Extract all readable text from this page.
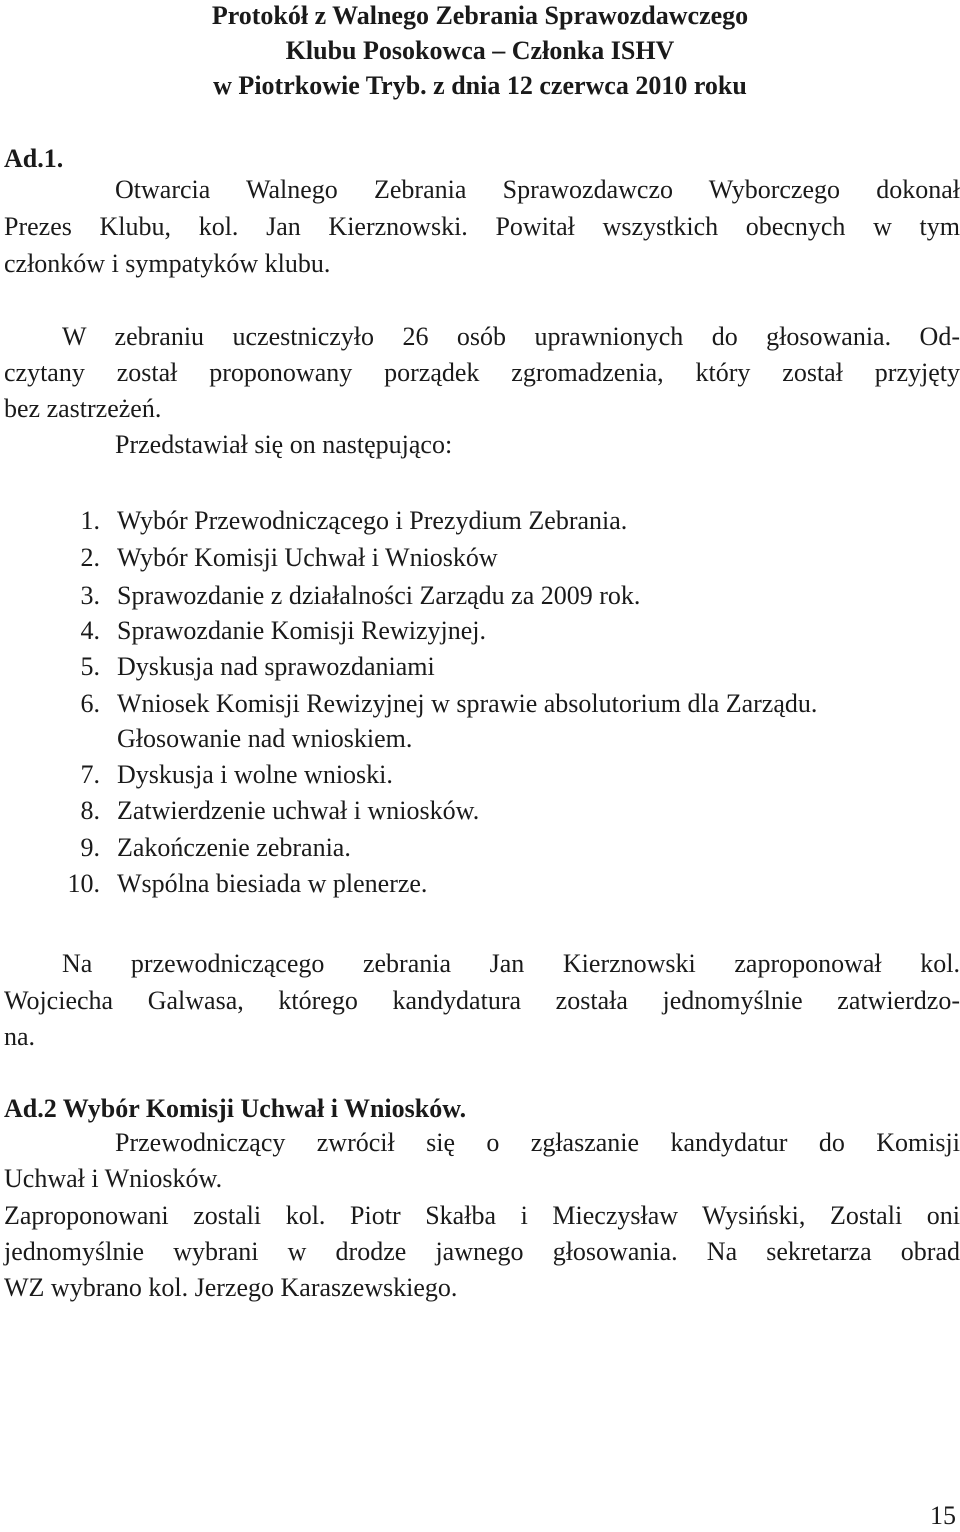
Protokół z Walnego Zebrania Sprawozdawczego
Klubu Posokowca – Członka ISHV
w Piotrkowie Tryb. z dnia 12 czerwca 2010 roku
Ad.1.
Otwarcia Walnego Zebrania Sprawozdawczo Wyborczego dokonał
Prezes Klubu, kol. Jan Kierznowski. Powitał wszystkich obecnych w tym
członków i sympatyków klubu.
W zebraniu uczestniczyło 26 osób uprawnionych do głosowania. Od-
czytany został proponowany porządek zgromadzenia, który został przyjęty
bez zastrzeżeń.
Przedstawiał się on następująco:
1. Wybór Przewodniczącego i Prezydium Zebrania.
2. Wybór Komisji Uchwał i Wniosków
3. Sprawozdanie z działalności Zarządu za 2009 rok.
4. Sprawozdanie Komisji Rewizyjnej.
5. Dyskusja nad sprawozdaniami
6. Wniosek Komisji Rewizyjnej w sprawie absolutorium dla Zarządu.
Głosowanie nad wnioskiem.
7. Dyskusja i wolne wnioski.
8. Zatwierdzenie uchwał i wniosków.
9. Zakończenie zebrania.
10. Wspólna biesiada w plenerze.
Na przewodniczącego zebrania Jan Kierznowski zaproponował kol.
Wojciecha Galwasa, którego kandydatura została jednomyślnie zatwierdzo-
na.
Ad.2 Wybór Komisji Uchwał i Wniosków.
Przewodniczący zwrócił się o zgłaszanie kandydatur do Komisji
Uchwał i Wniosków.
Zaproponowani zostali kol. Piotr Skałba i Mieczysław Wysiński, Zostali oni
jednomyślnie wybrani w drodze jawnego głosowania. Na sekretarza obrad
WZ wybrano kol. Jerzego Karaszewskiego.
15
